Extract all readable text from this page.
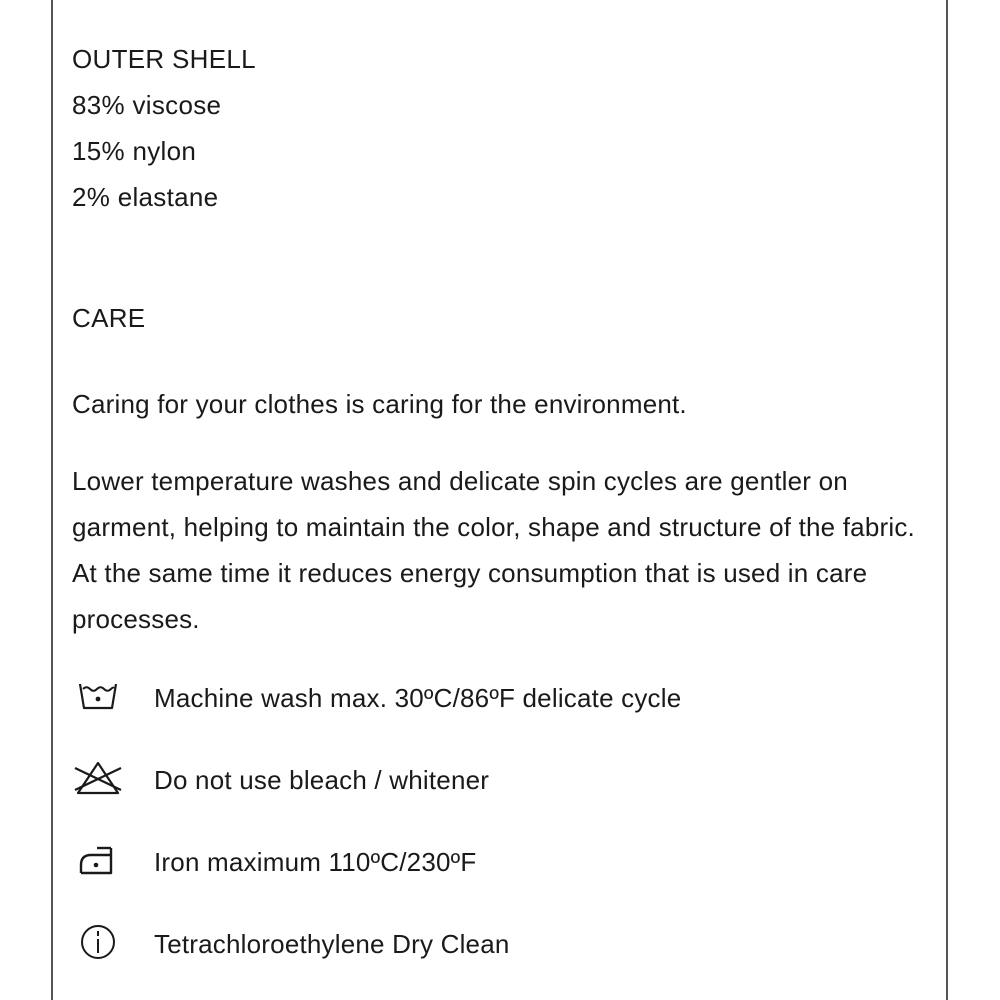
OUTER SHELL
83% viscose
15% nylon
2% elastane
CARE
Caring for your clothes is caring for the environment.
Lower temperature washes and delicate spin cycles are gentler on garment, helping to maintain the color, shape and structure of the fabric. At the same time it reduces energy consumption that is used in care processes.
Machine wash max. 30ºC/86ºF delicate cycle
Do not use bleach / whitener
Iron maximum 110ºC/230ºF
Tetrachloroethylene Dry Clean
